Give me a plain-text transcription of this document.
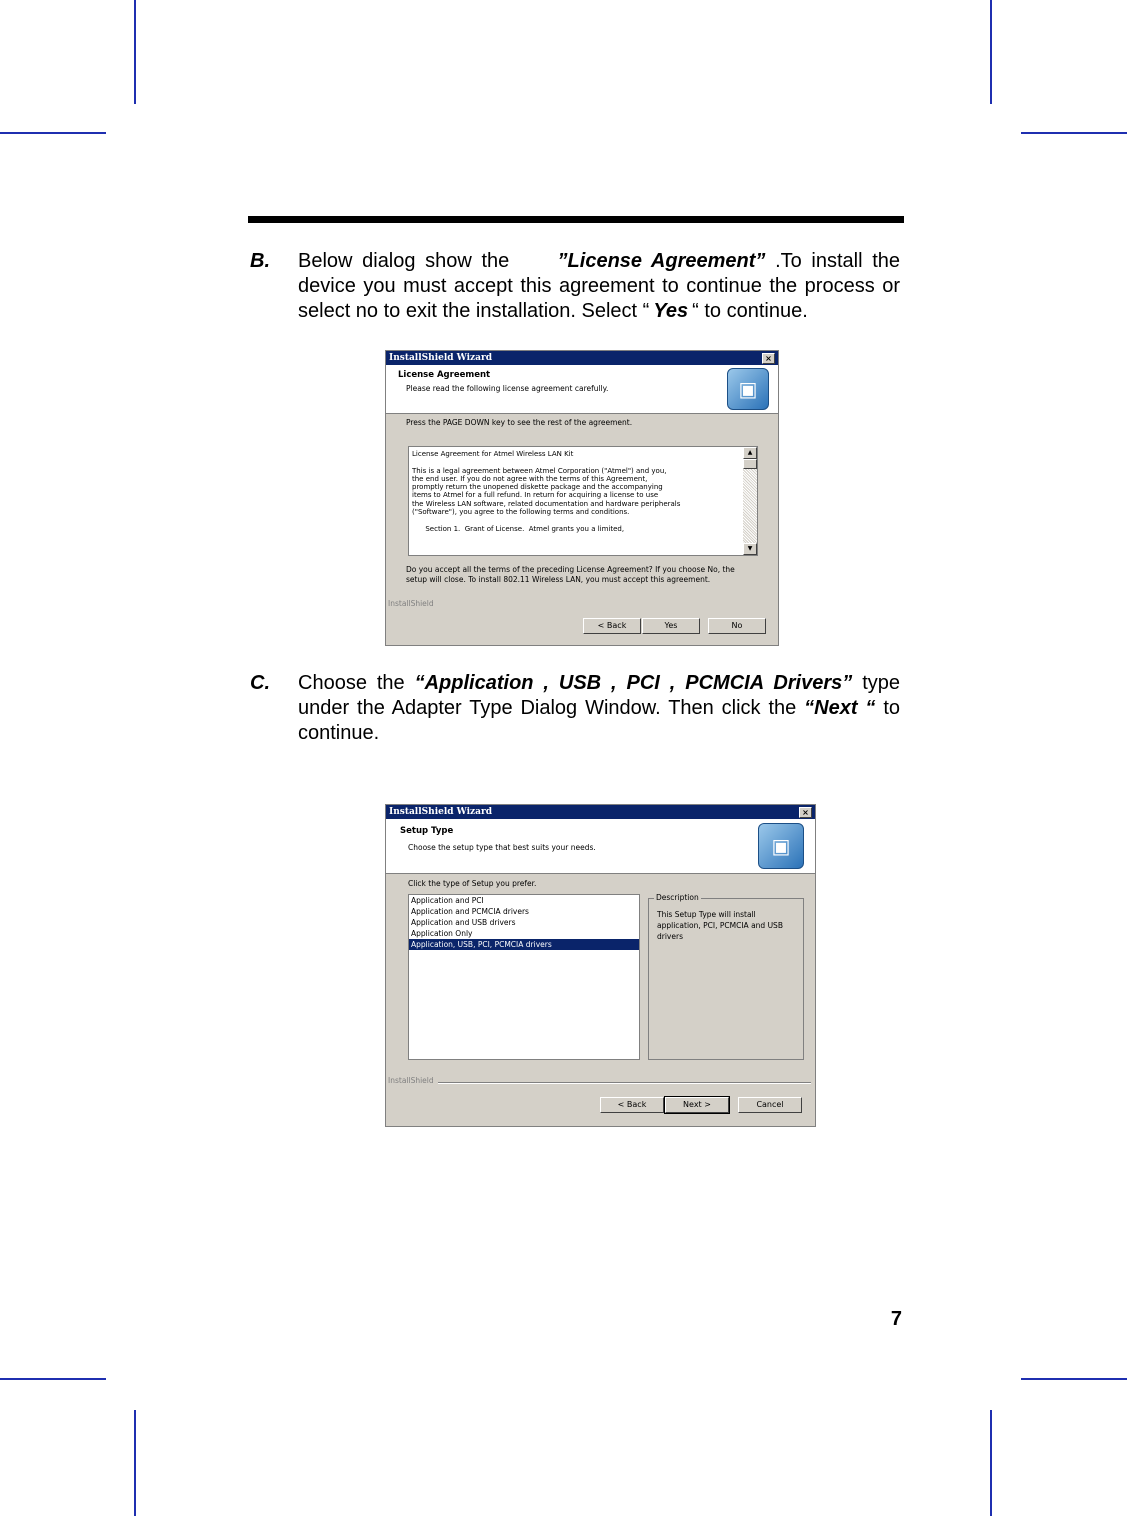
B. Below dialog show the ”License Agreement” .To install the device you must accept this agreement to continue the process or select no to exit the installation. Select “ Yes “ to continue.
InstallShield Wizard	×
License Agreement
Please read the following license agreement carefully.	▣
Press the PAGE DOWN key to see the rest of the agreement.
License Agreement for Atmel Wireless LAN Kit

This is a legal agreement between Atmel Corporation ("Atmel") and you,
the end user. If you do not agree with the terms of this Agreement,
promptly return the unopened diskette package and the accompanying
items to Atmel for a full refund. In return for acquiring a license to use
the Wireless LAN software, related documentation and hardware peripherals
("Software"), you agree to the following terms and conditions.

Section 1.  Grant of License.  Atmel grants you a limited,
▲
▼
Do you accept all the terms of the preceding License Agreement? If you choose No, the
setup will close. To install 802.11 Wireless LAN, you must accept this agreement.
InstallShield
< Back	Yes	No
C. Choose the “Application , USB , PCI , PCMCIA Drivers” type under the Adapter Type Dialog Window. Then click the “Next “ to continue.
InstallShield Wizard	×
Setup Type
Choose the setup type that best suits your needs.	▣
Click the type of Setup you prefer.
Application and PCI
Application and PCMCIA drivers
Application and USB drivers
Application Only
Application, USB, PCI, PCMCIA drivers
Description
This Setup Type will install application, PCI, PCMCIA and USB drivers
InstallShield
< Back	Next >	Cancel
7
